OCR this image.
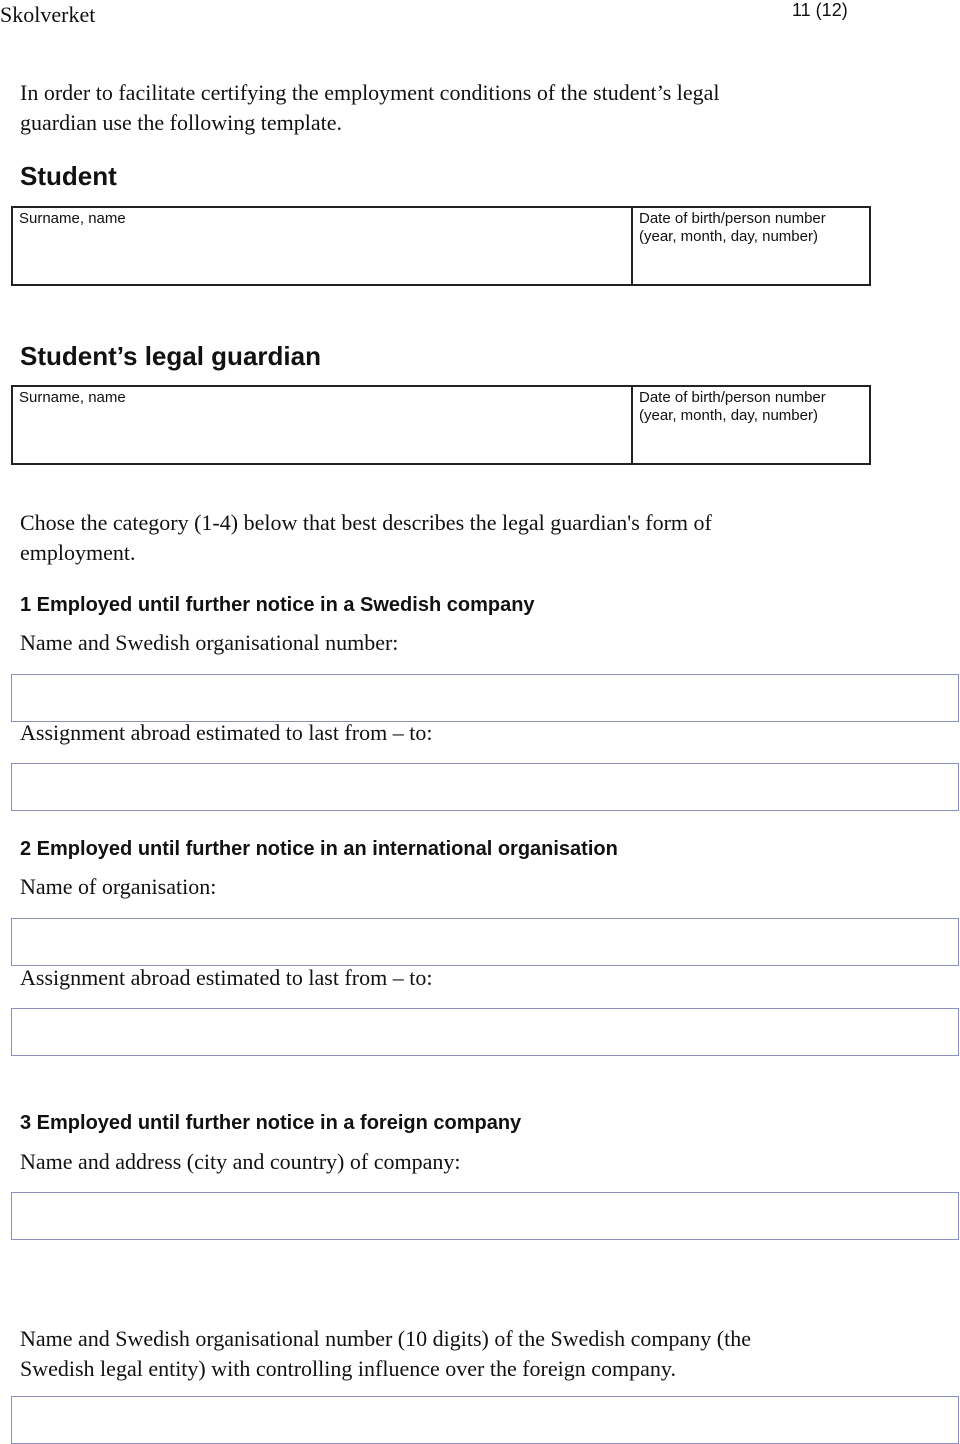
Skolverket	11 (12)
In order to facilitate certifying the employment conditions of the student’s legal
guardian use the following template.
Student
Surname, name	Date of birth/person number
(year, month, day, number)
Student’s legal guardian
Surname, name	Date of birth/person number
(year, month, day, number)
Chose the category (1-4) below that best describes the legal guardian's form of
employment.
1 Employed until further notice in a Swedish company
Name and Swedish organisational number:
Assignment abroad estimated to last from – to:
2 Employed until further notice in an international organisation
Name of organisation:
Assignment abroad estimated to last from – to:
3 Employed until further notice in a foreign company
Name and address (city and country) of company:
Name and Swedish organisational number (10 digits) of the Swedish company (the
Swedish legal entity) with controlling influence over the foreign company.
